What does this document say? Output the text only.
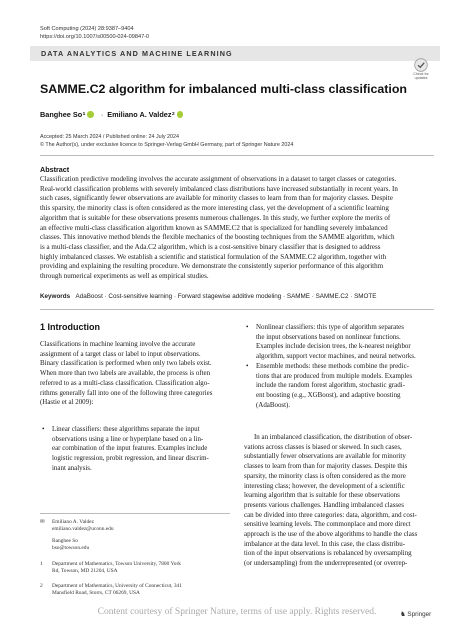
Soft Computing (2024) 28:9387–9404
https://doi.org/10.1007/s00500-024-09847-0
DATA ANALYTICS AND MACHINE LEARNING
Check for
updates
SAMME.C2 algorithm for imbalanced multi-class classification
Banghee So 1 · Emiliano A. Valdez 2
Accepted: 25 March 2024 / Published online: 24 July 2024
© The Author(s), under exclusive licence to Springer-Verlag GmbH Germany, part of Springer Nature 2024
Abstract
Classification predictive modeling involves the accurate assignment of observations in a dataset to target classes or categories.
Real-world classification problems with severely imbalanced class distributions have increased substantially in recent years. In
such cases, significantly fewer observations are available for minority classes to learn from than for majority classes. Despite
this sparsity, the minority class is often considered as the more interesting class, yet the development of a scientific learning
algorithm that is suitable for these observations presents numerous challenges. In this study, we further explore the merits of
an effective multi-class classification algorithm known as SAMME.C2 that is specialized for handling severely imbalanced
classes. This innovative method blends the flexible mechanics of the boosting techniques from the SAMME algorithm, which
is a multi-class classifier, and the Ada.C2 algorithm, which is a cost-sensitive binary classifier that is designed to address
highly imbalanced classes. We establish a scientific and statistical formulation of the SAMME.C2 algorithm, together with
providing and explaining the resulting procedure. We demonstrate the consistently superior performance of this algorithm
through numerical experiments as well as empirical studies.
Keywords AdaBoost · Cost-sensitive learning · Forward stagewise additive modeling · SAMME · SAMME.C2 · SMOTE
1 Introduction
Classifications in machine learning involve the accurate
assignment of a target class or label to input observations.
Binary classification is performed when only two labels exist.
When more than two labels are available, the process is often
referred to as a multi-class classification. Classification algo-
rithms generally fall into one of the following three categories
(Hastie et al 2009):
• Linear classifiers: these algorithms separate the input
observations using a line or hyperplane based on a lin-
ear combination of the input features. Examples include
logistic regression, probit regression, and linear discrim-
inant analysis.
• Nonlinear classifiers: this type of algorithm separates
the input observations based on nonlinear functions.
Examples include decision trees, the k-nearest neighbor
algorithm, support vector machines, and neural networks.
• Ensemble methods: these methods combine the predic-
tions that are produced from multiple models. Examples
include the random forest algorithm, stochastic gradi-
ent boosting (e.g., XGBoost), and adaptive boosting
(AdaBoost).
In an imbalanced classification, the distribution of obser-
vations across classes is biased or skewed. In such cases,
substantially fewer observations are available for minority
classes to learn from than for majority classes. Despite this
sparsity, the minority class is often considered as the more
interesting class; however, the development of a scientific
learning algorithm that is suitable for these observations
presents various challenges. Handling imbalanced classes
can be divided into three categories: data, algorithm, and cost-
sensitive learning levels. The commonplace and more direct
approach is the use of the above algorithms to handle the class
imbalance at the data level. In this case, the class distribu-
tion of the input observations is rebalanced by oversampling
(or undersampling) from the underrepresented (or overrep-
✉ Emiliano A. Valdez
emiliano.valdez@uconn.edu
Banghee So
bso@towson.edu
1 Department of Mathematics, Towson University, 7800 York
Rd, Towson, MD 21204, USA
2 Department of Mathematics, University of Connecticut, 341
Mansfield Road, Storrs, CT 06269, USA
♞ Springer
Content courtesy of Springer Nature, terms of use apply. Rights reserved.
